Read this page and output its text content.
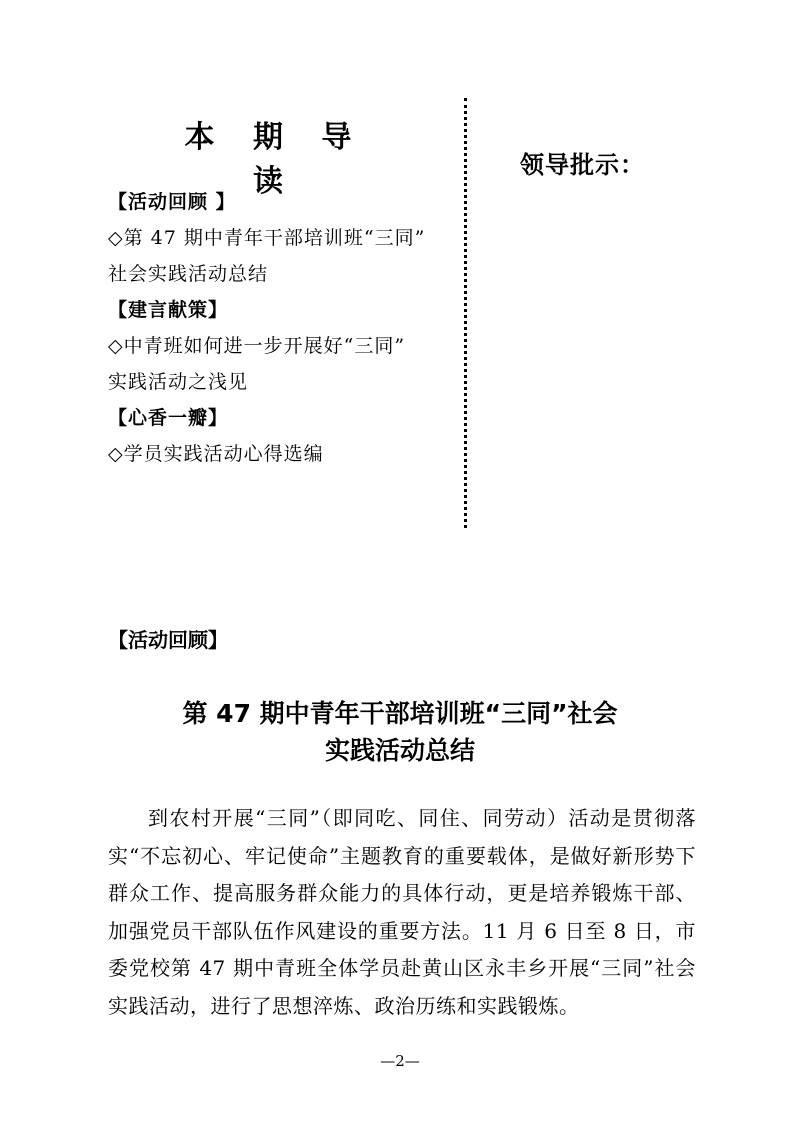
本 期 导 读	领导批示：
【活动回顾 】
◇第 47 期中青年干部培训班“三同”
社会实践活动总结
【建言献策】
◇中青班如何进一步开展好“三同”
实践活动之浅见
【心香一瓣】
◇学员实践活动心得选编
【活动回顾】
第 47 期中青年干部培训班“三同”社会
实践活动总结

到农村开展“三同”（即同吃、同住、同劳动）活动是贯彻落实“不忘初心、牢记使命”主题教育的重要载体，是做好新形势下群众工作、提高服务群众能力的具体行动，更是培养锻炼干部、加强党员干部队伍作风建设的重要方法。11 月 6 日至 8 日，市委党校第 47 期中青班全体学员赴黄山区永丰乡开展“三同”社会实践活动，进行了思想淬炼、政治历练和实践锻炼。

—2—
